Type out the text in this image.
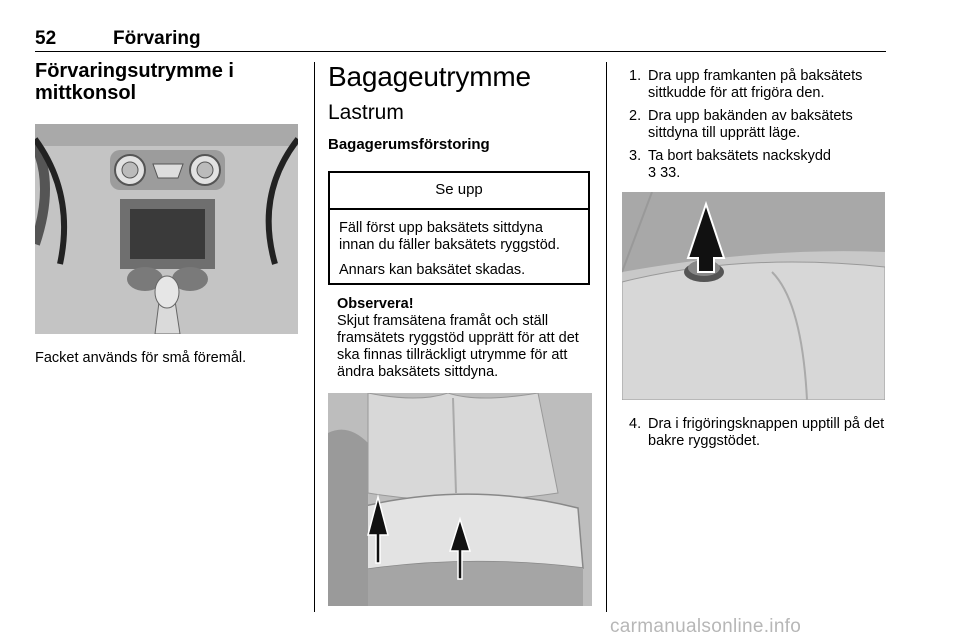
52	Förvaring
Förvaringsutrymme i mittkonsol

Facket används för små föremål.

Bagageutrymme
Lastrum
Bagagerumsförstoring
Se upp

Fäll först upp baksätets sittdyna innan du fäller baksätets ryggstöd.

Annars kan baksätet skadas.

Observera!

Skjut framsätena framåt och ställ framsätets ryggstöd upprätt för att det ska finnas tillräckligt utrymme för att ändra baksätets sittdyna.

1. Dra upp framkanten på baksätets sittkudde för att frigöra den.
2. Dra upp bakänden av baksätets sittdyna till upprätt läge.
3. Ta bort baksätets nackskydd
3 33.
4. Dra i frigöringsknappen upptill på det bakre ryggstödet.
carmanualsonline.info
